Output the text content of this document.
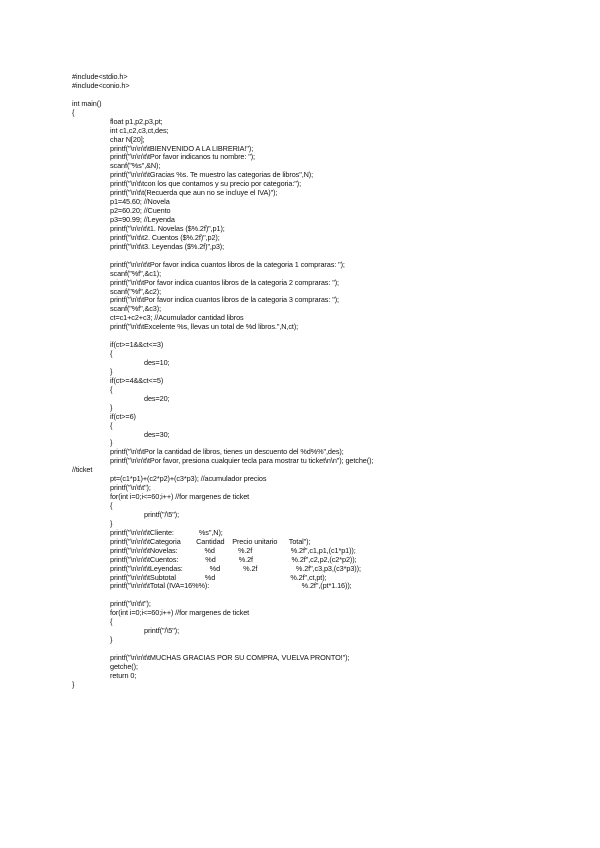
#include<stdio.h>
#include<conio.h>
int main()
{
float p1,p2,p3,pt;
int c1,c2,c3,ct,des;
char N[20];
printf("\n\n\t\tBIENVENIDO A LA LIBRERIA!");
printf("\n\n\t\tPor favor indicanos tu nombre: ");
scanf("%s",&N);
printf("\n\n\t\tGracias %s. Te muestro las categorias de libros",N);
printf("\n\t\tcon los que contamos y su precio por categoria:");
printf("\n\t\t(Recuerda que aun no se incluye el IVA)");
p1=45.60; //Novela
p2=60.20; //Cuento
p3=90.99; //Leyenda
printf("\n\n\t\t1. Novelas ($%.2f)",p1);
printf("\n\t\t2. Cuentos ($%.2f)",p2);
printf("\n\t\t3. Leyendas ($%.2f)",p3);
printf("\n\n\t\tPor favor indica cuantos libros de la categoria 1 compraras: ");
scanf("%f",&c1);
printf("\n\t\tPor favor indica cuantos libros de la categoria 2 compraras: ");
scanf("%f",&c2);
printf("\n\t\tPor favor indica cuantos libros de la categoria 3 compraras: ");
scanf("%f",&c3);
ct=c1+c2+c3; //Acumulador cantidad libros
printf("\n\t\tExcelente %s, llevas un total de %d libros.",N,ct);
if(ct>=1&&ct<=3)
{
des=10;
}
if(ct>=4&&ct<=5)
{
des=20;
}
if(ct>=6)
{
des=30;
}
printf("\n\t\tPor la cantidad de libros, tienes un descuento del %d%%",des);
printf("\n\n\t\tPor favor, presiona cualquier tecla para mostrar tu ticket\n\n"); getche();
//ticket
pt=(c1*p1)+(c2*p2)+(c3*p3); //acumulador precios
printf("\n\t\t");
for(int i=0;i<=60;i++) //for margenes de ticket
{
printf("/\5");
}
printf("\n\n\t\tCliente:             %s",N);
printf("\n\n\t\tCategoria        Cantidad    Precio unitario      Total");
printf("\n\n\t\tNovelas:              %d            %.2f                    %.2f",c1,p1,(c1*p1));
printf("\n\n\t\tCuentos:              %d            %.2f                    %.2f",c2,p2,(c2*p2));
printf("\n\n\t\tLeyendas:              %d            %.2f                    %.2f",c3,p3,(c3*p3));
printf("\n\n\t\tSubtotal               %d                                       %.2f",ct,pt);
printf("\n\n\t\tTotal (IVA=16%%):                                                %.2f",(pt*1.16));
printf("\n\t\t");
for(int i=0;i<=60;i++) //for margenes de ticket
{
printf("/\5");
}
printf("\n\n\t\tMUCHAS GRACIAS POR SU COMPRA, VUELVA PRONTO!");
getche();
return 0;
}
